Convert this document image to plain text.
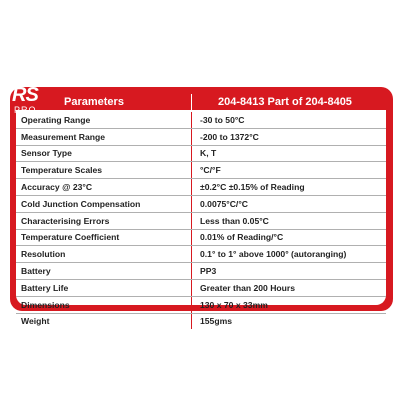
RS
PRO
Parameters	204-8413 Part of 204-8405
Operating Range	-30 to 50°C
Measurement Range	-200 to 1372°C
Sensor Type	K, T
Temperature Scales	°C/°F
Accuracy @ 23°C	±0.2°C ±0.15% of Reading
Cold Junction Compensation	0.0075°C/°C
Characterising Errors	Less than 0.05°C
Temperature Coefficient	0.01% of Reading/°C
Resolution	0.1° to 1° above 1000° (autoranging)
Battery	PP3
Battery Life	Greater than 200 Hours
Dimensions	130 x 70 x 33mm
Weight	155gms
